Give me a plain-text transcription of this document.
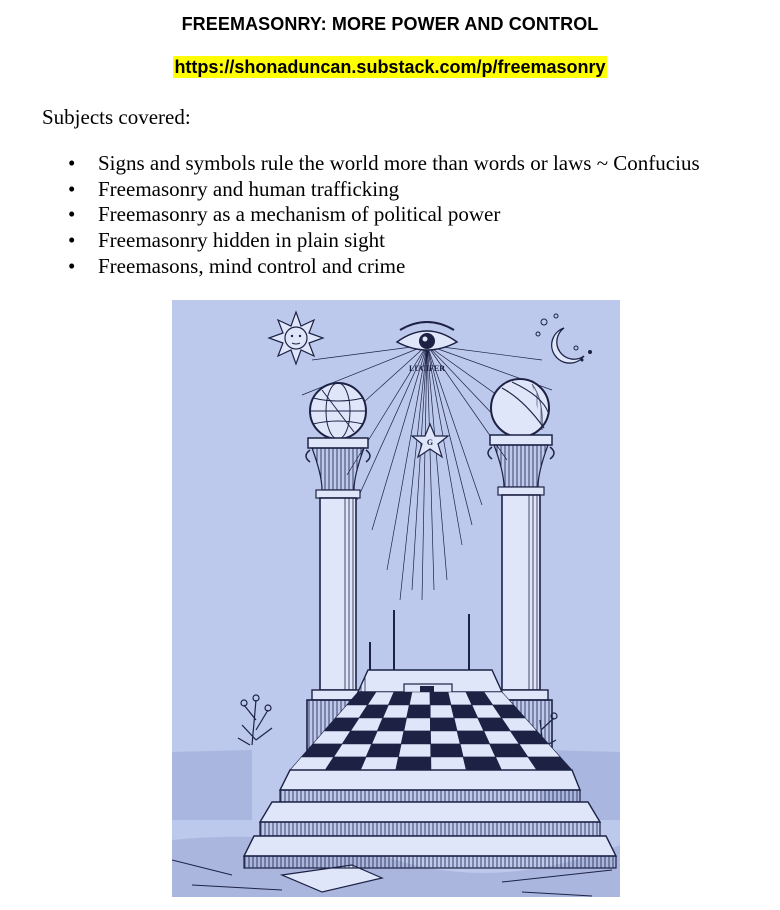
FREEMASONRY: MORE POWER AND CONTROL
https://shonaduncan.substack.com/p/freemasonry
Subjects covered:
• Signs and symbols rule the world more than words or laws ~ Confucius
• Freemasonry and human trafficking
• Freemasonry as a mechanism of political power
• Freemasonry hidden in plain sight
• Freemasons, mind control and crime
LUCIFER
G
